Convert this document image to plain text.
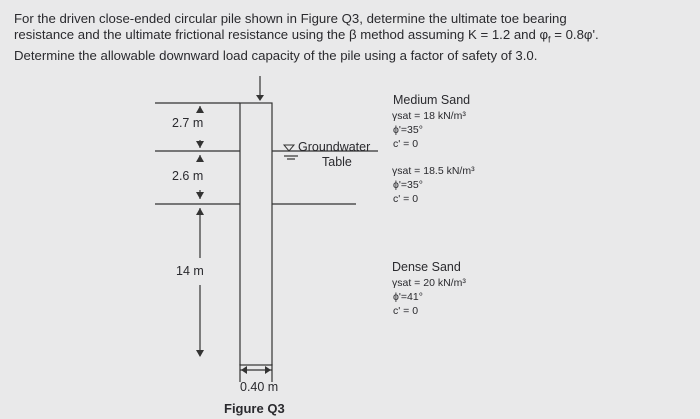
For the driven close-ended circular pile shown in Figure Q3, determine the ultimate toe bearing

resistance and the ultimate frictional resistance using the β method assuming K = 1.2 and $\varphi_f = 0.8\varphi'$.

Determine the allowable downward load capacity of the pile using a factor of safety of 3.0.

2.7 m
2.6 m
14 m
0.40 m
Groundwater
Table
Medium Sand
γsat = 18 kN/m³
ϕ'=35°
c' = 0
γsat = 18.5 kN/m³
ϕ'=35°
c' = 0
Dense Sand
γsat = 20 kN/m³
ϕ'=41°
c' = 0
Figure Q3
